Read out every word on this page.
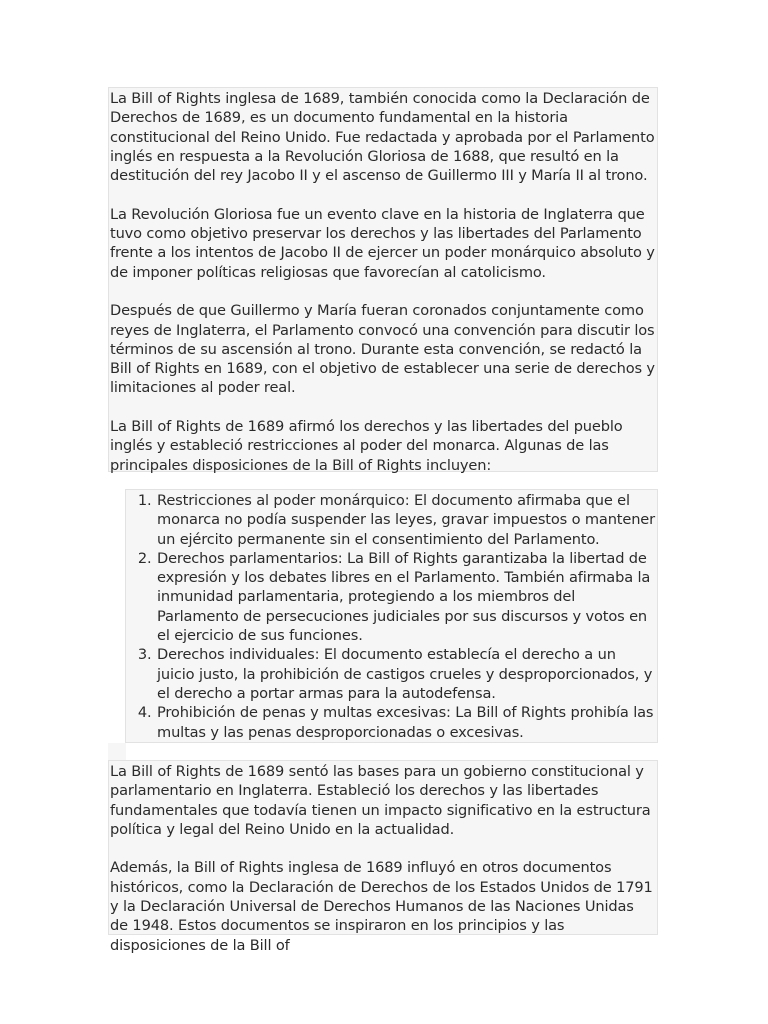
La Bill of Rights inglesa de 1689, también conocida como la Declaración de Derechos de 1689, es un documento fundamental en la historia constitucional del Reino Unido. Fue redactada y aprobada por el Parlamento inglés en respuesta a la Revolución Gloriosa de 1688, que resultó en la destitución del rey Jacobo II y el ascenso de Guillermo III y María II al trono.

La Revolución Gloriosa fue un evento clave en la historia de Inglaterra que tuvo como objetivo preservar los derechos y las libertades del Parlamento frente a los intentos de Jacobo II de ejercer un poder monárquico absoluto y de imponer políticas religiosas que favorecían al catolicismo.

Después de que Guillermo y María fueran coronados conjuntamente como reyes de Inglaterra, el Parlamento convocó una convención para discutir los términos de su ascensión al trono. Durante esta convención, se redactó la Bill of Rights en 1689, con el objetivo de establecer una serie de derechos y limitaciones al poder real.

La Bill of Rights de 1689 afirmó los derechos y las libertades del pueblo inglés y estableció restricciones al poder del monarca. Algunas de las principales disposiciones de la Bill of Rights incluyen:

1. Restricciones al poder monárquico: El documento afirmaba que el monarca no podía suspender las leyes, gravar impuestos o mantener un ejército permanente sin el consentimiento del Parlamento.
2. Derechos parlamentarios: La Bill of Rights garantizaba la libertad de expresión y los debates libres en el Parlamento. También afirmaba la inmunidad parlamentaria, protegiendo a los miembros del Parlamento de persecuciones judiciales por sus discursos y votos en el ejercicio de sus funciones.
3. Derechos individuales: El documento establecía el derecho a un juicio justo, la prohibición de castigos crueles y desproporcionados, y el derecho a portar armas para la autodefensa.
4. Prohibición de penas y multas excesivas: La Bill of Rights prohibía las multas y las penas desproporcionadas o excesivas.

La Bill of Rights de 1689 sentó las bases para un gobierno constitucional y parlamentario en Inglaterra. Estableció los derechos y las libertades fundamentales que todavía tienen un impacto significativo en la estructura política y legal del Reino Unido en la actualidad.

Además, la Bill of Rights inglesa de 1689 influyó en otros documentos históricos, como la Declaración de Derechos de los Estados Unidos de 1791 y la Declaración Universal de Derechos Humanos de las Naciones Unidas de 1948. Estos documentos se inspiraron en los principios y las disposiciones de la Bill of
